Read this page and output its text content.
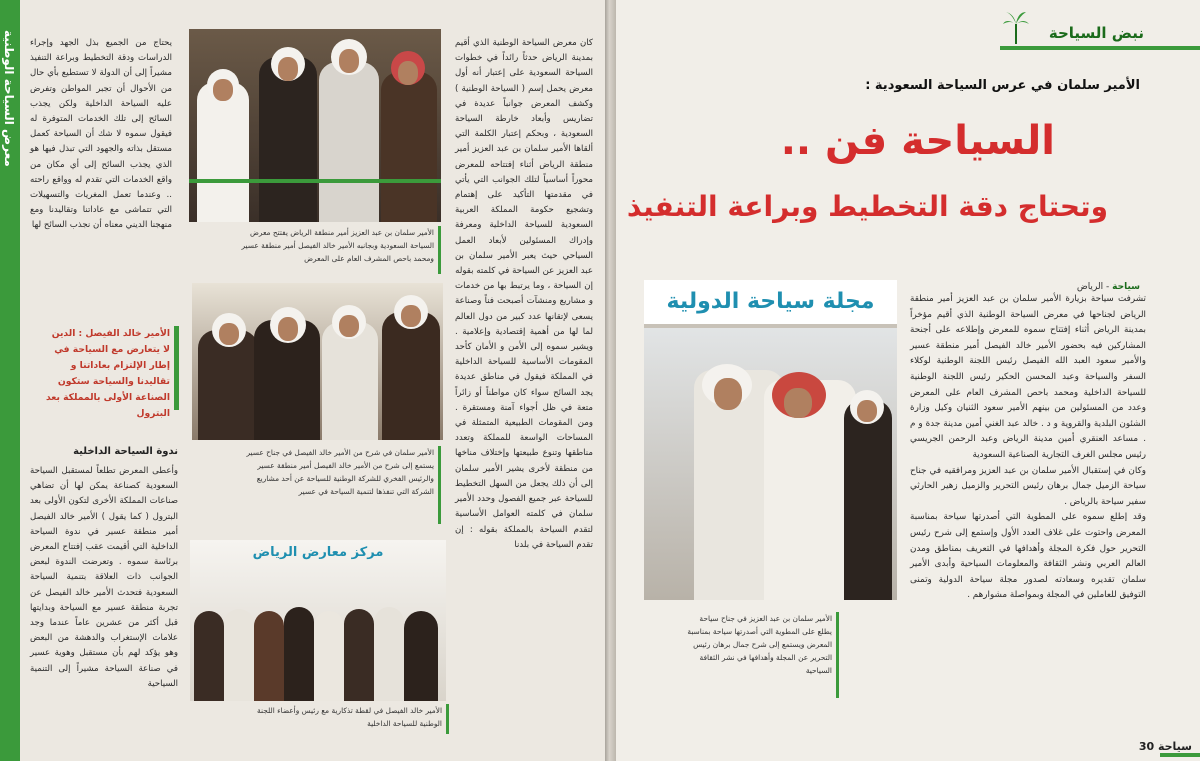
معرض السياحة الوطنية يحتاج من الجميع بذل الجهد وإجراء الدراسات ودقة التخطيط وبراعة التنفيذ مشيراً إلى أن الدولة لا تستطيع بأي حال من الأحوال أن تجبر المواطن وتفرض عليه السياحة الداخلية ولكن يجذب السائح إلى تلك الخدمات المتوفرة له فيقول سموه لا شك أن السياحة كعمل مستقل بذاته والجهود التي تبذل فيها هو الذي يجذب السائح إلى أي مكان من واقع الخدمات التي تقدم له وواقع راحته .. وعندما تعمل المغريات والتسهيلات التي تتماشى مع عاداتنا وتقاليدنا ومع منهجنا الديني معناه أن نجذب السائح لها

الأمير خالد الفيصل : الدين لا يتعارض مع السياحة في إطار الإلتزام بعاداتنا و تقاليدنا والسياحة ستكون الصناعة الأولى بالمملكة بعد البترول
ندوة السياحة الداخلية

وأعطى المعرض تطلعاً لمستقبل السياحة السعودية كصناعة يمكن لها أن تضاهي صناعات المملكة الأخرى لتكون الأولى بعد البترول ( كما يقول ) الأمير خالد الفيصل أمير منطقة عسير في ندوة السياحة الداخلية التي أقيمت عقب إفتتاح المعرض برئاسة سموه . وتعرضت الندوة لبعض الجوانب ذات العلاقة بتنمية السياحة السعودية فتحدث الأمير خالد الفيصل عن تجربة منطقة عسير مع السياحة وبدايتها قبل أكثر من عشرين عاماً عندما وجد علامات الإستغراب والدهشة من البعض وهو يؤكد لهم بأن مستقبل وهوية عسير في صناعة السياحة مشيراً إلى التنمية السياحية

الأمير سلمان بن عبد العزيز أمير منطقة الرياض يفتتح معرض السياحة السعودية وبجانبه الأمير خالد الفيصل أمير منطقة عسير ومحمد باحص المشرف العام على المعرض
الأمير سلمان في شرح من الأمير خالد الفيصل في جناح عسير يستمع إلى شرح من الأمير خالد الفيصل أمير منطقة عسير والرئيس الفخري للشركة الوطنية للسياحة عن أحد مشاريع الشركة التي تنفذها لتنمية السياحة في عسير
مركز معارض الرياض
الأمير خالد الفيصل في لقطة تذكارية مع رئيس وأعضاء اللجنة الوطنية للسياحة الداخلية

كان معرض السياحة الوطنية الذي أقيم بمدينة الرياض حدثاً رائداً في خطوات السياحة السعودية على إعتبار أنه أول معرض يحمل إسم ( السياحة الوطنية ) وكشف المعرض جوانباً عديدة في تضاريس وأبعاد خارطة السياحة السعودية ، وبحكم إعتبار الكلمة التي ألقاها الأمير سلمان بن عبد العزيز أمير منطقة الرياض أثناء إفتتاحه للمعرض محوراً أساسياً لتلك الجوانب التي يأتي في مقدمتها التأكيد على إهتمام وتشجيع حكومة المملكة العربية السعودية للسياحة الداخلية ومعرفة وإدراك المسئولين لأبعاد العمل السياحي حيث يعبر الأمير سلمان بن عبد العزيز عن السياحة في كلمته بقوله

إن السياحة ، وما يرتبط بها من خدمات و مشاريع ومنشآت أصبحت فناً وصناعة يسعى لإتقانها عدد كبير من دول العالم لما لها من أهمية إقتصادية وإعلامية . ويشير سموه إلى الأمن و الأمان كأحد المقومات الأساسية للسياحة الداخلية في المملكة فيقول في مناطق عديدة يجد السائح سواء كان مواطناً أو زائراً متعة في ظل أجواء آمنة ومستقرة . ومن المقومات الطبيعية المتمثلة في المساحات الواسعة للمملكة وتعدد مناطقها وتنوع طبيعتها وإختلاف مناخها من منطقة لأخرى يشير الأمير سلمان إلى أن ذلك يجعل من السهل التخطيط للسياحة عبر جميع الفصول وحدد الأمير سلمان في كلمته العوامل الأساسية لتقدم السياحة بالمملكة بقوله : إن تقدم السياحة في بلدنا

نبض السياحة
الأمير سلمان في عرس السياحة السعودية :
السياحة فن ..
وتحتاج دقة التخطيط وبراعة التنفيذ
سياحة - الرياض
مجلة سياحة الدولية
الأمير سلمان بن عبد العزيز في جناح سياحة يطلع على المطوية التي أصدرتها سياحة بمناسبة المعرض ويستمع إلى شرح جمال برهان رئيس التحرير عن المجلة وأهدافها في نشر الثقافة السياحية

تشرفت سياحة بزيارة الأمير سلمان بن عبد العزيز أمير منطقة الرياض لجناحها في معرض السياحة الوطنية الذي أقيم مؤخراً بمدينة الرياض أثناء إفتتاح سموه للمعرض وإطلاعه على أجنحة المشاركين فيه بحضور الأمير خالد الفيصل أمير منطقة عسير والأمير سعود العبد الله الفيصل رئيس اللجنة الوطنية لوكلاء السفر والسياحة وعبد المحسن الحكير رئيس اللجنة الوطنية للسياحة الداخلية ومحمد باحص المشرف العام على المعرض وعدد من المسئولين من بينهم الأمير سعود الثنيان وكيل وزارة الشئون البلدية والقروية و د . خالد عبد الغني أمين مدينة جدة و م . مساعد العنقري أمين مدينة الرياض وعبد الرحمن الجريسي رئيس مجلس الغرف التجارية الصناعية السعودية

وكان في إستقبال الأمير سلمان بن عبد العزيز ومرافقيه في جناح سياحة الزميل جمال برهان رئيس التحرير والزميل زهير الحارثي سفير سياحة بالرياض .

وقد إطلع سموه على المطوية التي أصدرتها سياحة بمناسبة المعرض واحتوت على غلاف العدد الأول وإستمع إلى شرح رئيس التحرير حول فكرة المجلة وأهدافها في التعريف بمناطق ومدن العالم العربي ونشر الثقافة والمعلومات السياحية وأبدى الأمير سلمان تقديره وسعادته لصدور مجلة سياحة الدولية وتمنى التوفيق للعاملين في المجلة وبمواصلة مشوارهم .

سياحة 30
